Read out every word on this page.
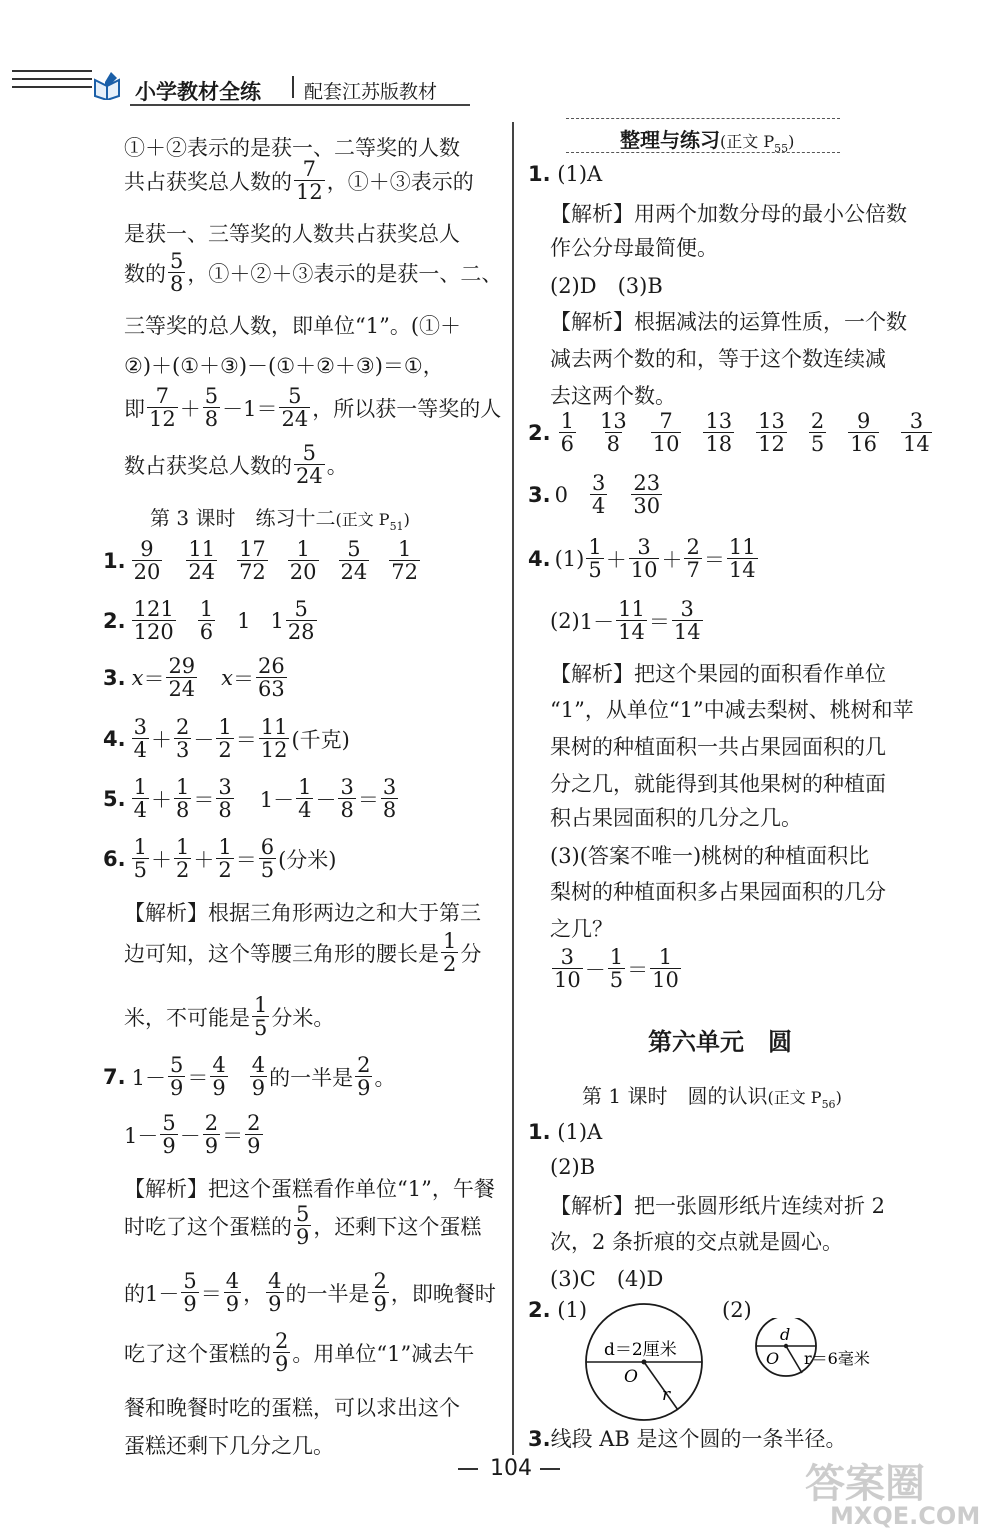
小学教材全练 配套江苏版教材
①＋②表示的是获一、二等奖的人数
共占获奖总人数的
7
12 ，①＋③表示的
是获一、三等奖的人数共占获奖总人
数的
5
8 ，①＋②＋③表示的是获一、二、
三等奖的总人数，即单位“1”。(①＋
②)＋(①＋③)－(①＋②＋③)＝①，
即
7
12 ＋
5
8 －1＝
5
24 ，所以获一等奖的人
数占获奖总人数的
5
24 。
第 3 课时　练习十二(正文 $P_{51}$)
1. 9
20
11
24
17
72
1
20
5
24
1
72
2. 121
120
1
6 1 1 5
28
3. x ＝
29
24 x ＝
26
63
4. 3
4 ＋
2
3 －
1
2 ＝
11
12 (千克)
5. 1
4 ＋
1
8 ＝
3
8 1－
1
4 －
3
8 ＝
3
8
6. 1
5 ＋
1
2 ＋
1
2 ＝
6
5 (分米)
【解析】根据三角形两边之和大于第三
边可知，这个等腰三角形的腰长是
1
2 分
米，不可能是
1
5 分米。
7. 1－
5
9 ＝
4
9
4
9 的一半是
2
9 。
1－
5
9 －
2
9 ＝
2
9
【解析】把这个蛋糕看作单位“1”，午餐
时吃了这个蛋糕的
5
9 ，还剩下这个蛋糕
的 1－
5
9 ＝
4
9 ，
4
9 的一半是
2
9 ，即晚餐时
吃了这个蛋糕的
2
9 。用单位“1”减去午
餐和晚餐时吃的蛋糕，可以求出这个
蛋糕还剩下几分之几。
整理与练习(正文 $P_{55}$)
1. (1)A
【解析】用两个加数分母的最小公倍数
作公分母最简便。
(2)D　(3)B
【解析】根据减法的运算性质，一个数
减去两个数的和，等于这个数连续减
去这两个数。
2. 1
6
13
8
7
10
13
18
13
12
2
5
9
16
3
14
3. 0 3
4
23
30
4. (1) 1
5 ＋
3
10 ＋
2
7 ＝
11
14
(2) 1－
11
14 ＝
3
14
【解析】把这个果园的面积看作单位
“1”，从单位“1”中减去梨树、桃树和苹
果树的种植面积一共占果园面积的几
分之几，就能得到其他果树的种植面
积占果园面积的几分之几。
(3)(答案不唯一)桃树的种植面积比
梨树的种植面积多占果园面积的几分
之几？
3
10 －
1
5 ＝
1
10
第六单元　圆
第 1 课时　圆的认识(正文 $P_{56}$)
1. (1)A
(2)B
【解析】把一张圆形纸片连续对折 2
次，2 条折痕的交点就是圆心。
(3)C　(4)D
2. (1)
d＝2厘米
O
r
(2)
d
O r＝6毫米
3.线段 AB 是这个圆的一条半径。
104	答案圈
MXQE.COM
